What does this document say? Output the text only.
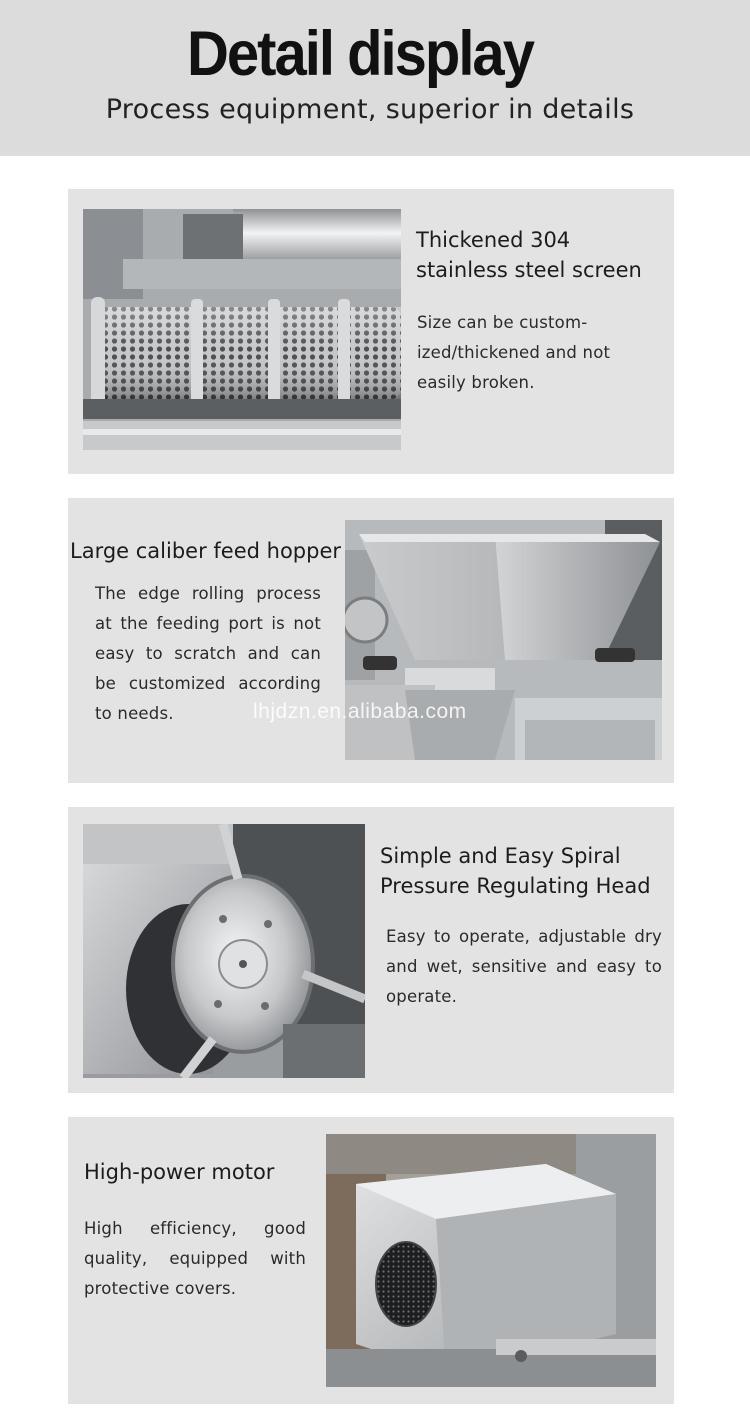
Detail display
Process equipment, superior in details
Thickened 304
stainless steel screen
Size can be custom-
ized/thickened and not
easily broken.
Large caliber feed hopper
The edge rolling process at the feeding port is not easy to scratch and can be customized according to needs.	lhjdzn.en.alibaba.com
Simple and Easy Spiral
Pressure Regulating Head
Easy to operate, adjustable dry and wet, sensitive and easy to operate.
High-power motor
High efficiency, good quality, equipped with protective covers.
